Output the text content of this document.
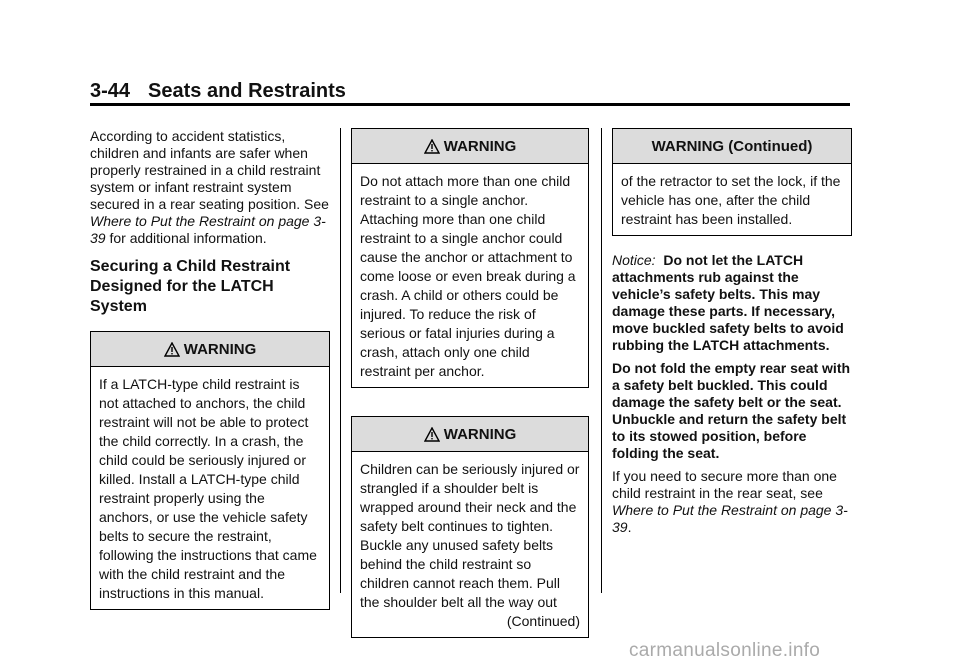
3-44 Seats and Restraints

According to accident statistics, children and infants are safer when properly restrained in a child restraint system or infant restraint system secured in a rear seating position. See Where to Put the Restraint on page 3-39 for additional information.

Securing a Child Restraint Designed for the LATCH System
WARNING
If a LATCH-type child restraint is not attached to anchors, the child restraint will not be able to protect the child correctly. In a crash, the child could be seriously injured or killed. Install a LATCH-type child restraint properly using the anchors, or use the vehicle safety belts to secure the restraint, following the instructions that came with the child restraint and the instructions in this manual.
WARNING
Do not attach more than one child restraint to a single anchor. Attaching more than one child restraint to a single anchor could cause the anchor or attachment to come loose or even break during a crash. A child or others could be injured. To reduce the risk of serious or fatal injuries during a crash, attach only one child restraint per anchor.
WARNING
Children can be seriously injured or strangled if a shoulder belt is wrapped around their neck and the safety belt continues to tighten. Buckle any unused safety belts behind the child restraint so children cannot reach them. Pull the shoulder belt all the way out
(Continued)
WARNING (Continued)
of the retractor to set the lock, if the vehicle has one, after the child restraint has been installed.

Notice: Do not let the LATCH attachments rub against the vehicle’s safety belts. This may damage these parts. If necessary, move buckled safety belts to avoid rubbing the LATCH attachments.

Do not fold the empty rear seat with a safety belt buckled. This could damage the safety belt or the seat. Unbuckle and return the safety belt to its stowed position, before folding the seat.

If you need to secure more than one child restraint in the rear seat, see Where to Put the Restraint on page 3-39.

carmanualsonline.info
